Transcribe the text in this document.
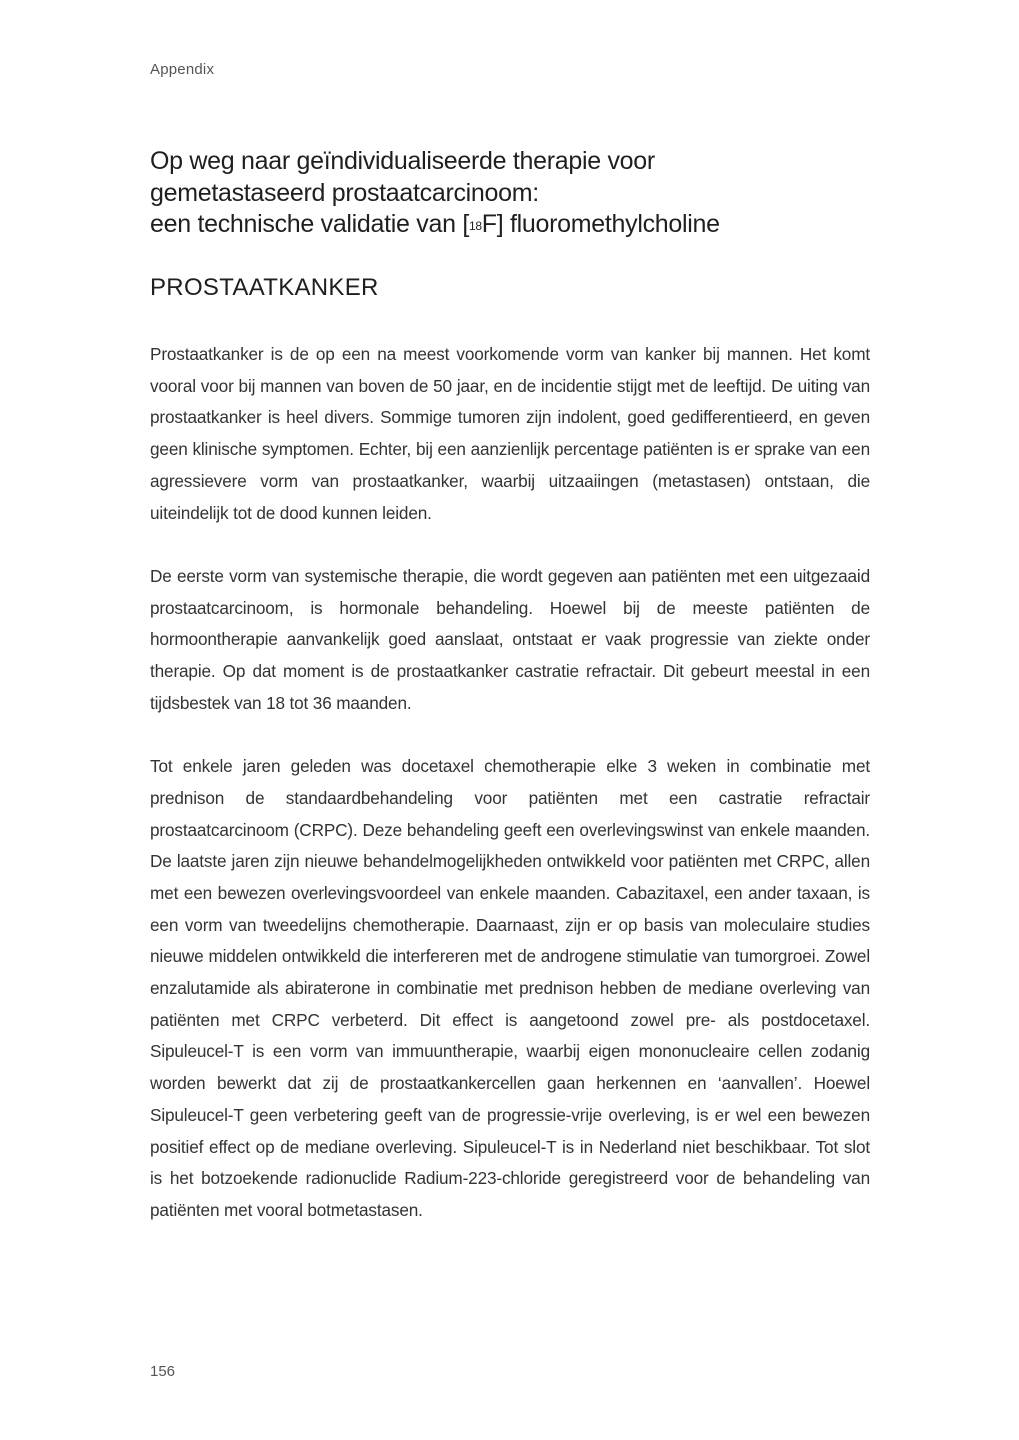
Appendix
Op weg naar geïndividualiseerde therapie voor
gemetastaseerd prostaatcarcinoom:
een technische validatie van [$^{18}$F] fluoromethylcholine
PROSTAATKANKER

Prostaatkanker is de op een na meest voorkomende vorm van kanker bij mannen. Het komt vooral voor bij mannen van boven de 50 jaar, en de incidentie stijgt met de leeftijd. De uiting van prostaatkanker is heel divers. Sommige tumoren zijn indolent, goed gedifferentieerd, en geven geen klinische symptomen. Echter, bij een aanzienlijk percentage patiënten is er sprake van een agressievere vorm van prostaatkanker, waarbij uitzaaiingen (metastasen) ontstaan, die uiteindelijk tot de dood kunnen leiden.

De eerste vorm van systemische therapie, die wordt gegeven aan patiënten met een uitgezaaid prostaatcarcinoom, is hormonale behandeling. Hoewel bij de meeste patiënten de hormoontherapie aanvankelijk goed aanslaat, ontstaat er vaak progressie van ziekte onder therapie. Op dat moment is de prostaatkanker castratie refractair. Dit gebeurt meestal in een tijdsbestek van 18 tot 36 maanden.

Tot enkele jaren geleden was docetaxel chemotherapie elke 3 weken in combinatie met prednison de standaardbehandeling voor patiënten met een castratie refractair prostaatcarcinoom (CRPC). Deze behandeling geeft een overlevingswinst van enkele maanden. De laatste jaren zijn nieuwe behandelmogelijkheden ontwikkeld voor patiënten met CRPC, allen met een bewezen overlevingsvoordeel van enkele maanden. Cabazitaxel, een ander taxaan, is een vorm van tweedelijns chemotherapie. Daarnaast, zijn er op basis van moleculaire studies nieuwe middelen ontwikkeld die interfereren met de androgene stimulatie van tumorgroei. Zowel enzalutamide als abiraterone in combinatie met prednison hebben de mediane overleving van patiënten met CRPC verbeterd. Dit effect is aangetoond zowel pre- als postdocetaxel. Sipuleucel-T is een vorm van immuuntherapie, waarbij eigen mononucleaire cellen zodanig worden bewerkt dat zij de prostaatkankercellen gaan herkennen en ‘aanvallen’. Hoewel Sipuleucel-T geen verbetering geeft van de progressie-vrije overleving, is er wel een bewezen positief effect op de mediane overleving. Sipuleucel-T is in Nederland niet beschikbaar. Tot slot is het botzoekende radionuclide Radium-223-chloride geregistreerd voor de behandeling van patiënten met vooral botmetastasen.

156
